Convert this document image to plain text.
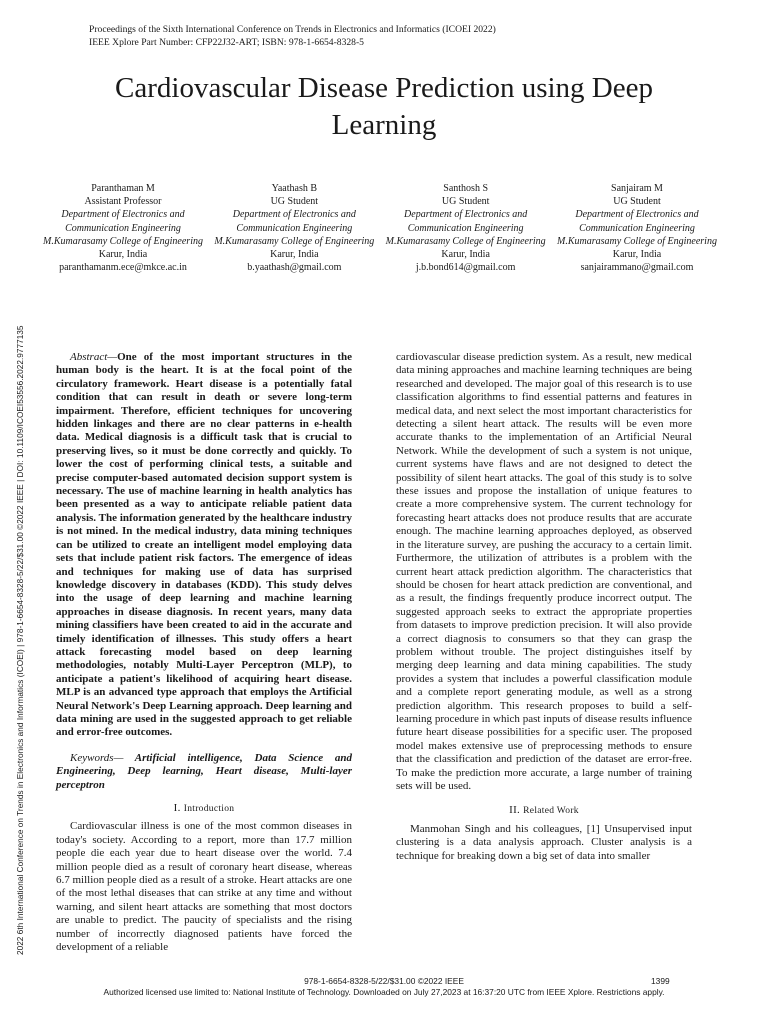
Proceedings of the Sixth International Conference on Trends in Electronics and Informatics (ICOEI 2022)
IEEE Xplore Part Number: CFP22J32-ART; ISBN: 978-1-6654-8328-5
2022 6th International Conference on Trends in Electronics and Informatics (ICOEI) | 978-1-6654-8328-5/22/$31.00 ©2022 IEEE | DOI: 10.1109/ICOEI53556.2022.9777135
Cardiovascular Disease Prediction using Deep Learning
Paranthaman M
Assistant Professor
Department of Electronics and Communication Engineering
M.Kumarasamy College of Engineering
Karur, India
paranthamanm.ece@mkce.ac.in
Yaathash B
UG Student
Department of Electronics and Communication Engineering
M.Kumarasamy College of Engineering
Karur, India
b.yaathash@gmail.com
Santhosh S
UG Student
Department of Electronics and Communication Engineering
M.Kumarasamy College of Engineering
Karur, India
j.b.bond614@gmail.com
Sanjairam M
UG Student
Department of Electronics and Communication Engineering
M.Kumarasamy College of Engineering
Karur, India
sanjairammano@gmail.com

Abstract—One of the most important structures in the human body is the heart. It is at the focal point of the circulatory framework. Heart disease is a potentially fatal condition that can result in death or severe long-term impairment. Therefore, efficient techniques for uncovering hidden linkages and there are no clear patterns in e-health data. Medical diagnosis is a difficult task that is crucial to preserving lives, so it must be done correctly and quickly. To lower the cost of performing clinical tests, a suitable and precise computer-based automated decision support system is necessary. The use of machine learning in health analytics has been presented as a way to anticipate reliable patient data analysis. The information generated by the healthcare industry is not mined. In the medical industry, data mining techniques can be utilized to create an intelligent model employing data sets that include patient risk factors. The emergence of ideas and techniques for making use of data has surprised knowledge discovery in databases (KDD). This study delves into the usage of deep learning and machine learning approaches in disease diagnosis. In recent years, many data mining classifiers have been created to aid in the accurate and timely identification of illnesses. This study offers a heart attack forecasting model based on deep learning methodologies, notably Multi-Layer Perceptron (MLP), to anticipate a patient's likelihood of acquiring heart disease. MLP is an advanced type approach that employs the Artificial Neural Network's Deep Learning approach. Deep learning and data mining are used in the suggested approach to get reliable and error-free outcomes.

Keywords— Artificial intelligence, Data Science and Engineering, Deep learning, Heart disease, Multi-layer perceptron

I. Introduction

Cardiovascular illness is one of the most common diseases in today's society. According to a report, more than 17.7 million people die each year due to heart disease over the world. 7.4 million people died as a result of coronary heart disease, whereas 6.7 million people died as a result of a stroke. Heart attacks are one of the most lethal diseases that can strike at any time and without warning, and silent heart attacks are something that most doctors are unable to predict. The paucity of specialists and the rising number of incorrectly diagnosed patients have forced the development of a reliable

cardiovascular disease prediction system. As a result, new medical data mining approaches and machine learning techniques are being researched and developed. The major goal of this research is to use classification algorithms to find essential patterns and features in medical data, and next select the most important characteristics for detecting a silent heart attack. The results will be even more accurate thanks to the implementation of an Artificial Neural Network. While the development of such a system is not unique, current systems have flaws and are not designed to detect the possibility of silent heart attacks. The goal of this study is to solve these issues and propose the installation of unique features to create a more comprehensive system. The current technology for forecasting heart attacks does not produce results that are accurate enough. The machine learning approaches deployed, as observed in the literature survey, are pushing the accuracy to a certain limit. Furthermore, the utilization of attributes is a problem with the current heart attack prediction algorithm. The characteristics that should be chosen for heart attack prediction are conventional, and as a result, the findings frequently produce incorrect output. The suggested approach seeks to extract the appropriate properties from datasets to improve prediction precision. It will also provide a correct diagnosis to consumers so that they can grasp the problem without trouble. The project distinguishes itself by merging deep learning and data mining capabilities. The study provides a system that includes a powerful classification module and a complete report generating module, as well as a strong prediction algorithm. This research proposes to build a self-learning procedure in which past inputs of disease results influence future heart disease possibilities for a specific user. The proposed model makes extensive use of preprocessing methods to ensure that the classification and prediction of the dataset are error-free. To make the prediction more accurate, a large number of training sets will be used.

II. Related Work

Manmohan Singh and his colleagues, [1] Unsupervised input clustering is a data analysis approach. Cluster analysis is a technique for breaking down a big set of data into smaller

978-1-6654-8328-5/22/$31.00 ©2022 IEEE	1399
Authorized licensed use limited to: National Institute of Technology. Downloaded on July 27,2023 at 16:37:20 UTC from IEEE Xplore. Restrictions apply.
